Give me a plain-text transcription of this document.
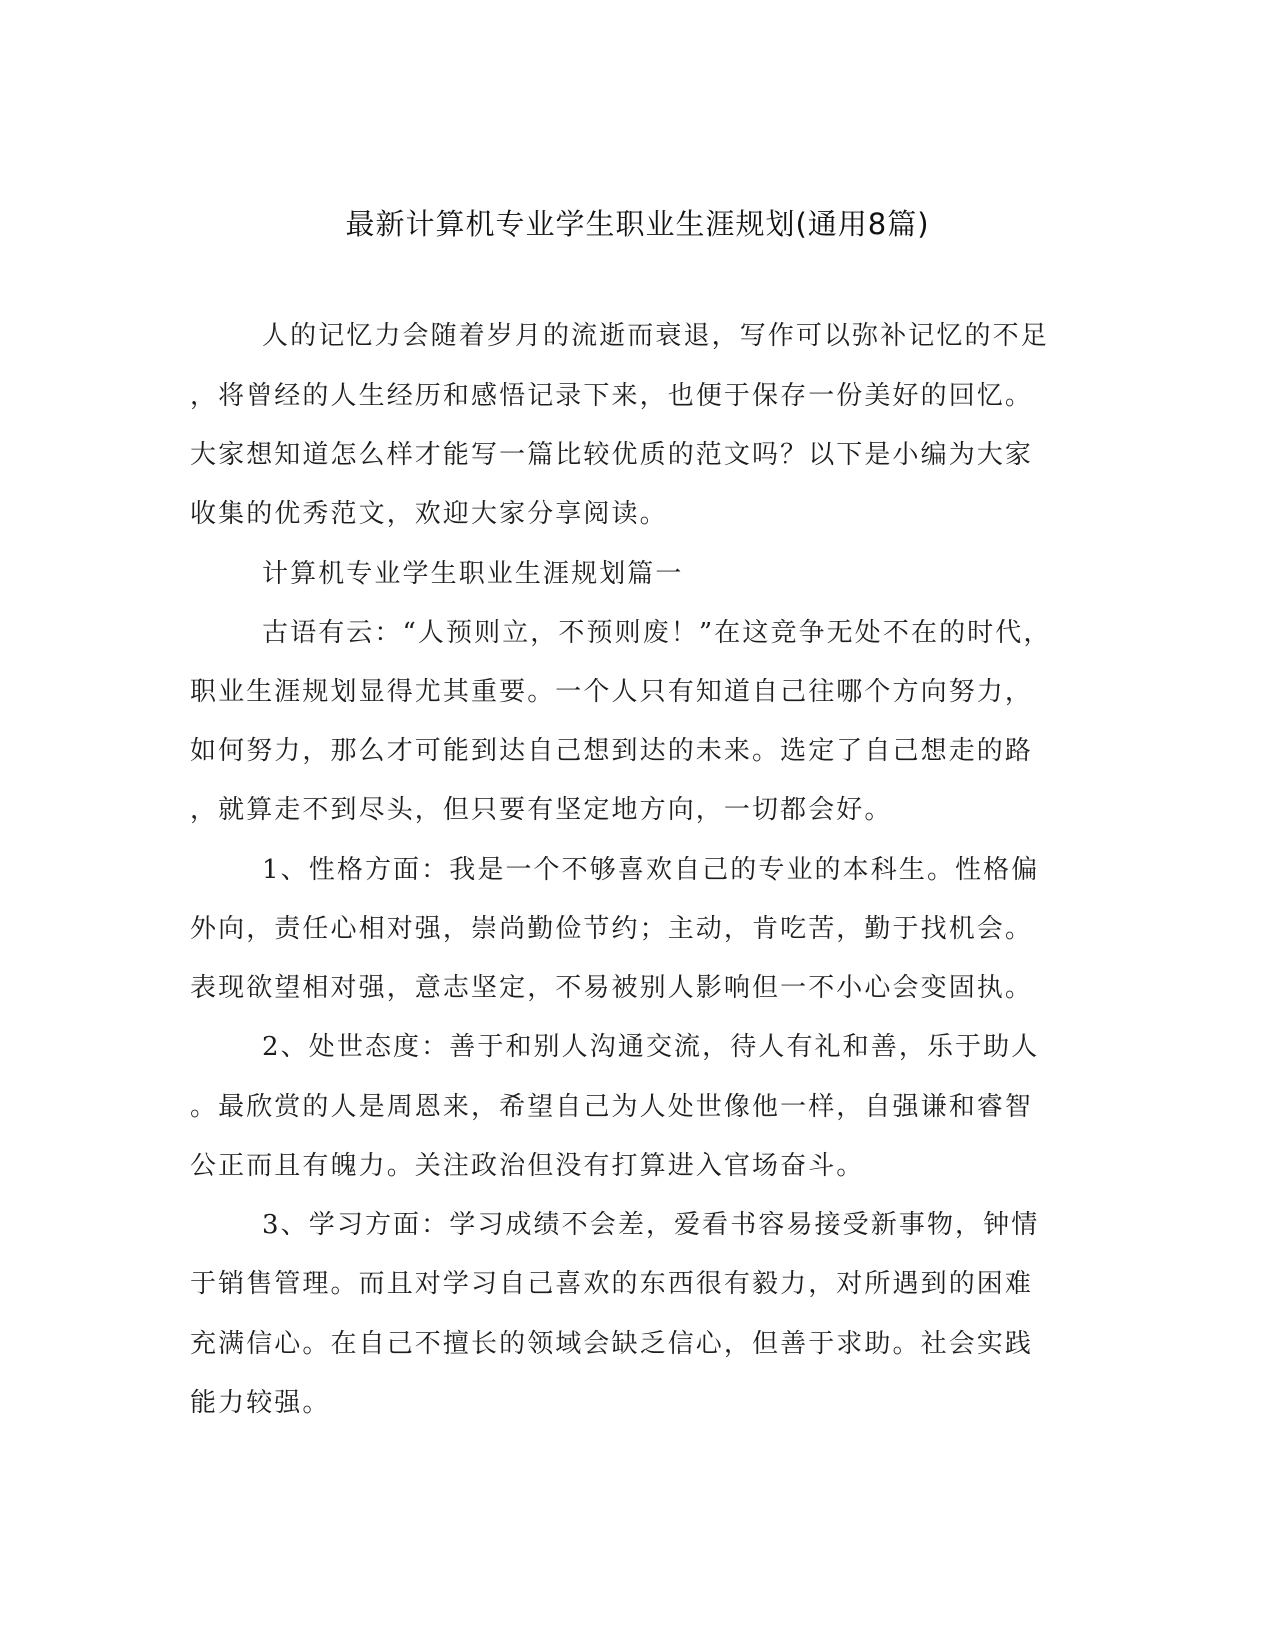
最新计算机专业学生职业生涯规划(通用8篇)
人的记忆力会随着岁月的流逝而衰退，写作可以弥补记忆的不足
，将曾经的人生经历和感悟记录下来，也便于保存一份美好的回忆。
大家想知道怎么样才能写一篇比较优质的范文吗？以下是小编为大家
收集的优秀范文，欢迎大家分享阅读。
计算机专业学生职业生涯规划篇一
古语有云：“人预则立，不预则废！”在这竞争无处不在的时代，
职业生涯规划显得尤其重要。一个人只有知道自己往哪个方向努力，
如何努力，那么才可能到达自己想到达的未来。选定了自己想走的路
，就算走不到尽头，但只要有坚定地方向，一切都会好。
1、性格方面：我是一个不够喜欢自己的专业的本科生。性格偏
外向，责任心相对强，崇尚勤俭节约；主动，肯吃苦，勤于找机会。
表现欲望相对强，意志坚定，不易被别人影响但一不小心会变固执。
2、处世态度：善于和别人沟通交流，待人有礼和善，乐于助人
。最欣赏的人是周恩来，希望自己为人处世像他一样，自强谦和睿智
公正而且有魄力。关注政治但没有打算进入官场奋斗。
3、学习方面：学习成绩不会差，爱看书容易接受新事物，钟情
于销售管理。而且对学习自己喜欢的东西很有毅力，对所遇到的困难
充满信心。在自己不擅长的领域会缺乏信心，但善于求助。社会实践
能力较强。
